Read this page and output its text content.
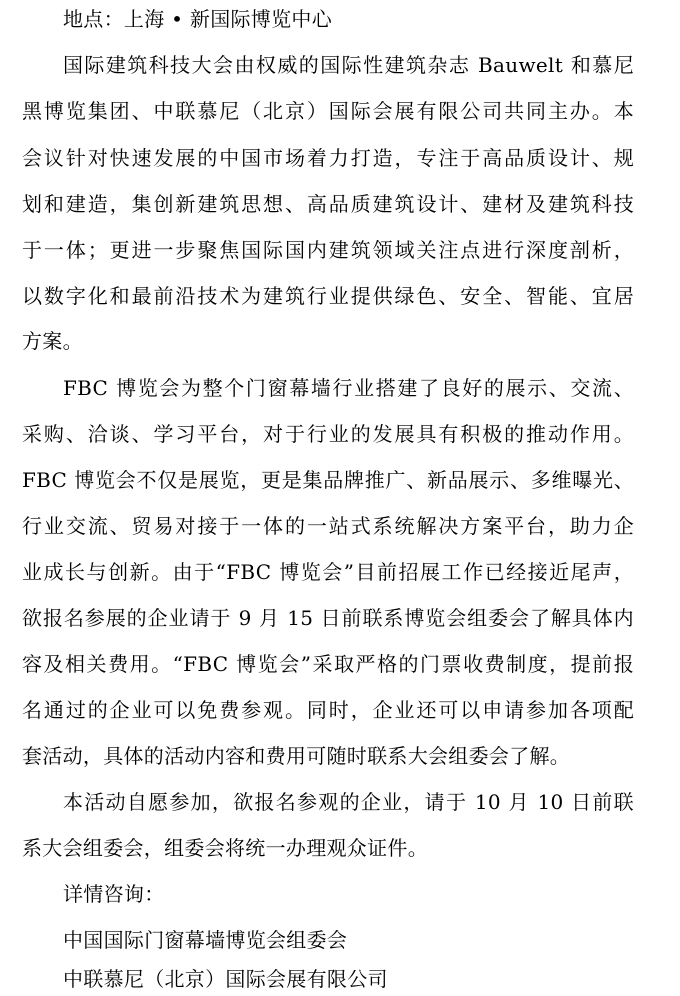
地点：上海 • 新国际博览中心
国际建筑科技大会由权威的国际性建筑杂志 Bauwelt 和慕尼
黑博览集团、中联慕尼（北京）国际会展有限公司共同主办。本
会议针对快速发展的中国市场着力打造，专注于高品质设计、规
划和建造，集创新建筑思想、高品质建筑设计、建材及建筑科技
于一体；更进一步聚焦国际国内建筑领域关注点进行深度剖析，
以数字化和最前沿技术为建筑行业提供绿色、安全、智能、宜居
方案。
FBC 博览会为整个门窗幕墙行业搭建了良好的展示、交流、
采购、洽谈、学习平台，对于行业的发展具有积极的推动作用。
FBC 博览会不仅是展览，更是集品牌推广、新品展示、多维曝光、
行业交流、贸易对接于一体的一站式系统解决方案平台，助力企
业成长与创新。由于“FBC 博览会”目前招展工作已经接近尾声，
欲报名参展的企业请于 9 月 15 日前联系博览会组委会了解具体内
容及相关费用。“FBC 博览会”采取严格的门票收费制度，提前报
名通过的企业可以免费参观。同时，企业还可以申请参加各项配
套活动，具体的活动内容和费用可随时联系大会组委会了解。
本活动自愿参加，欲报名参观的企业，请于 10 月 10 日前联
系大会组委会，组委会将统一办理观众证件。
详情咨询：
中国国际门窗幕墙博览会组委会
中联慕尼（北京）国际会展有限公司
